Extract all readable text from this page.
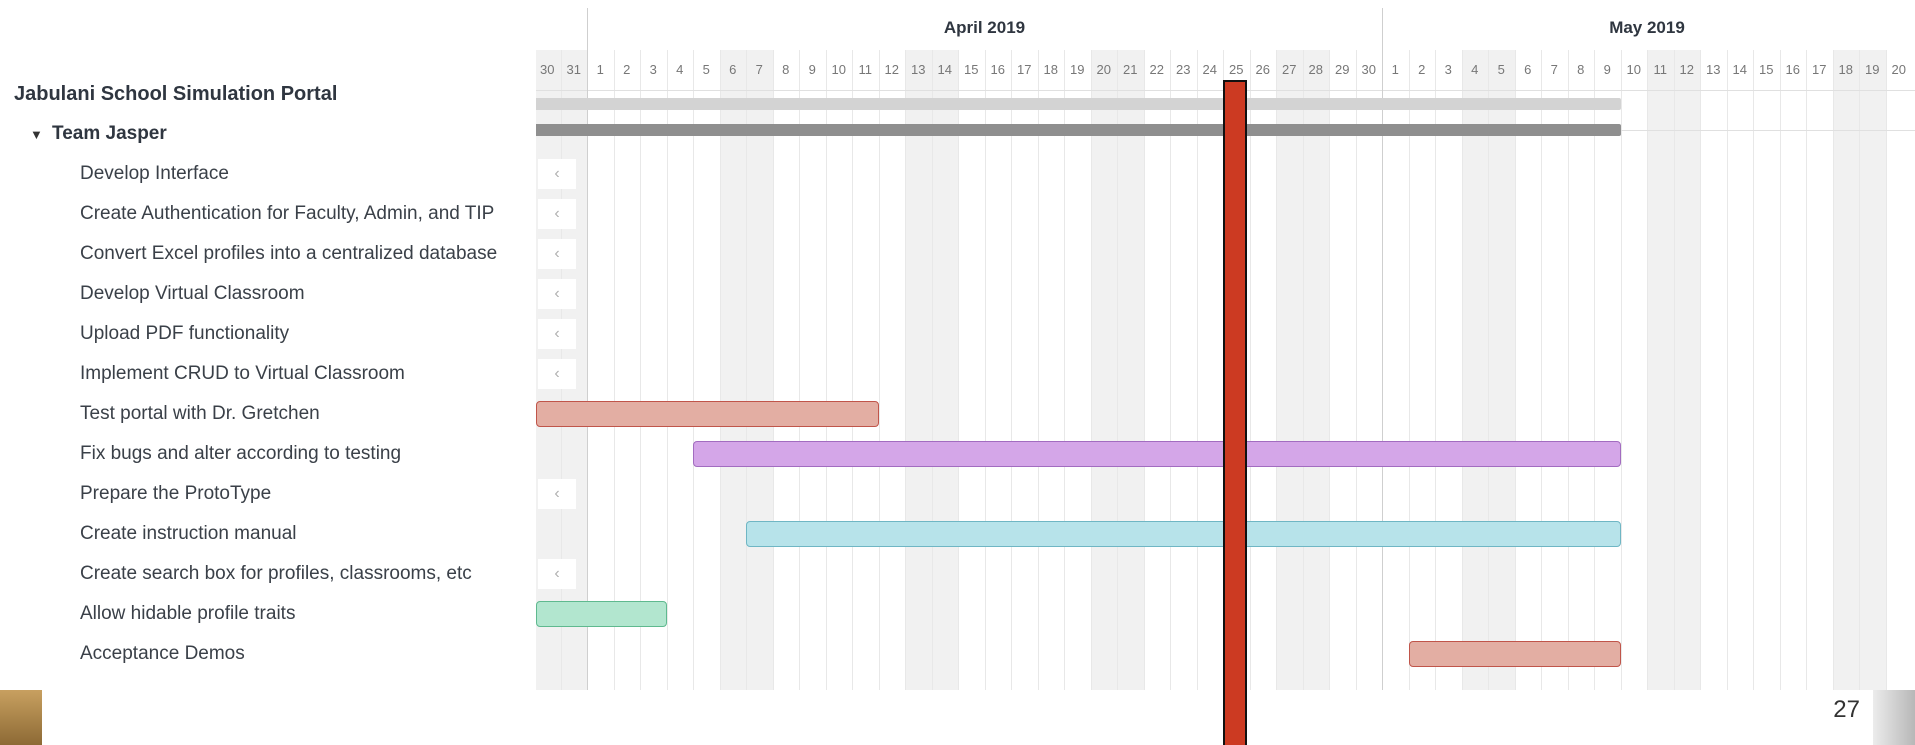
Jabulani School Simulation Portal
▼ Team Jasper
Develop Interface
Create Authentication for Faculty, Admin, and TIP
Convert Excel profiles into a centralized database
Develop Virtual Classroom
Upload PDF functionality
Implement CRUD to Virtual Classroom
Test portal with Dr. Gretchen
Fix bugs and alter according to testing
Prepare the ProtoType
Create instruction manual
Create search box for profiles, classrooms, etc
Allow hidable profile traits
Acceptance Demos
April 2019	May 2019
30 31	1	2	3	4	5	6	7	8	9	10 11 12 13 14 15 16 17 18 19 20 21 22 23 24 25 26 27 28 29 30	1	2	3	4	5	6	7	8	9	10 11 12 13 14 15 16 17 18 19 20
‹
‹
‹
‹
‹
‹
‹
‹
27
